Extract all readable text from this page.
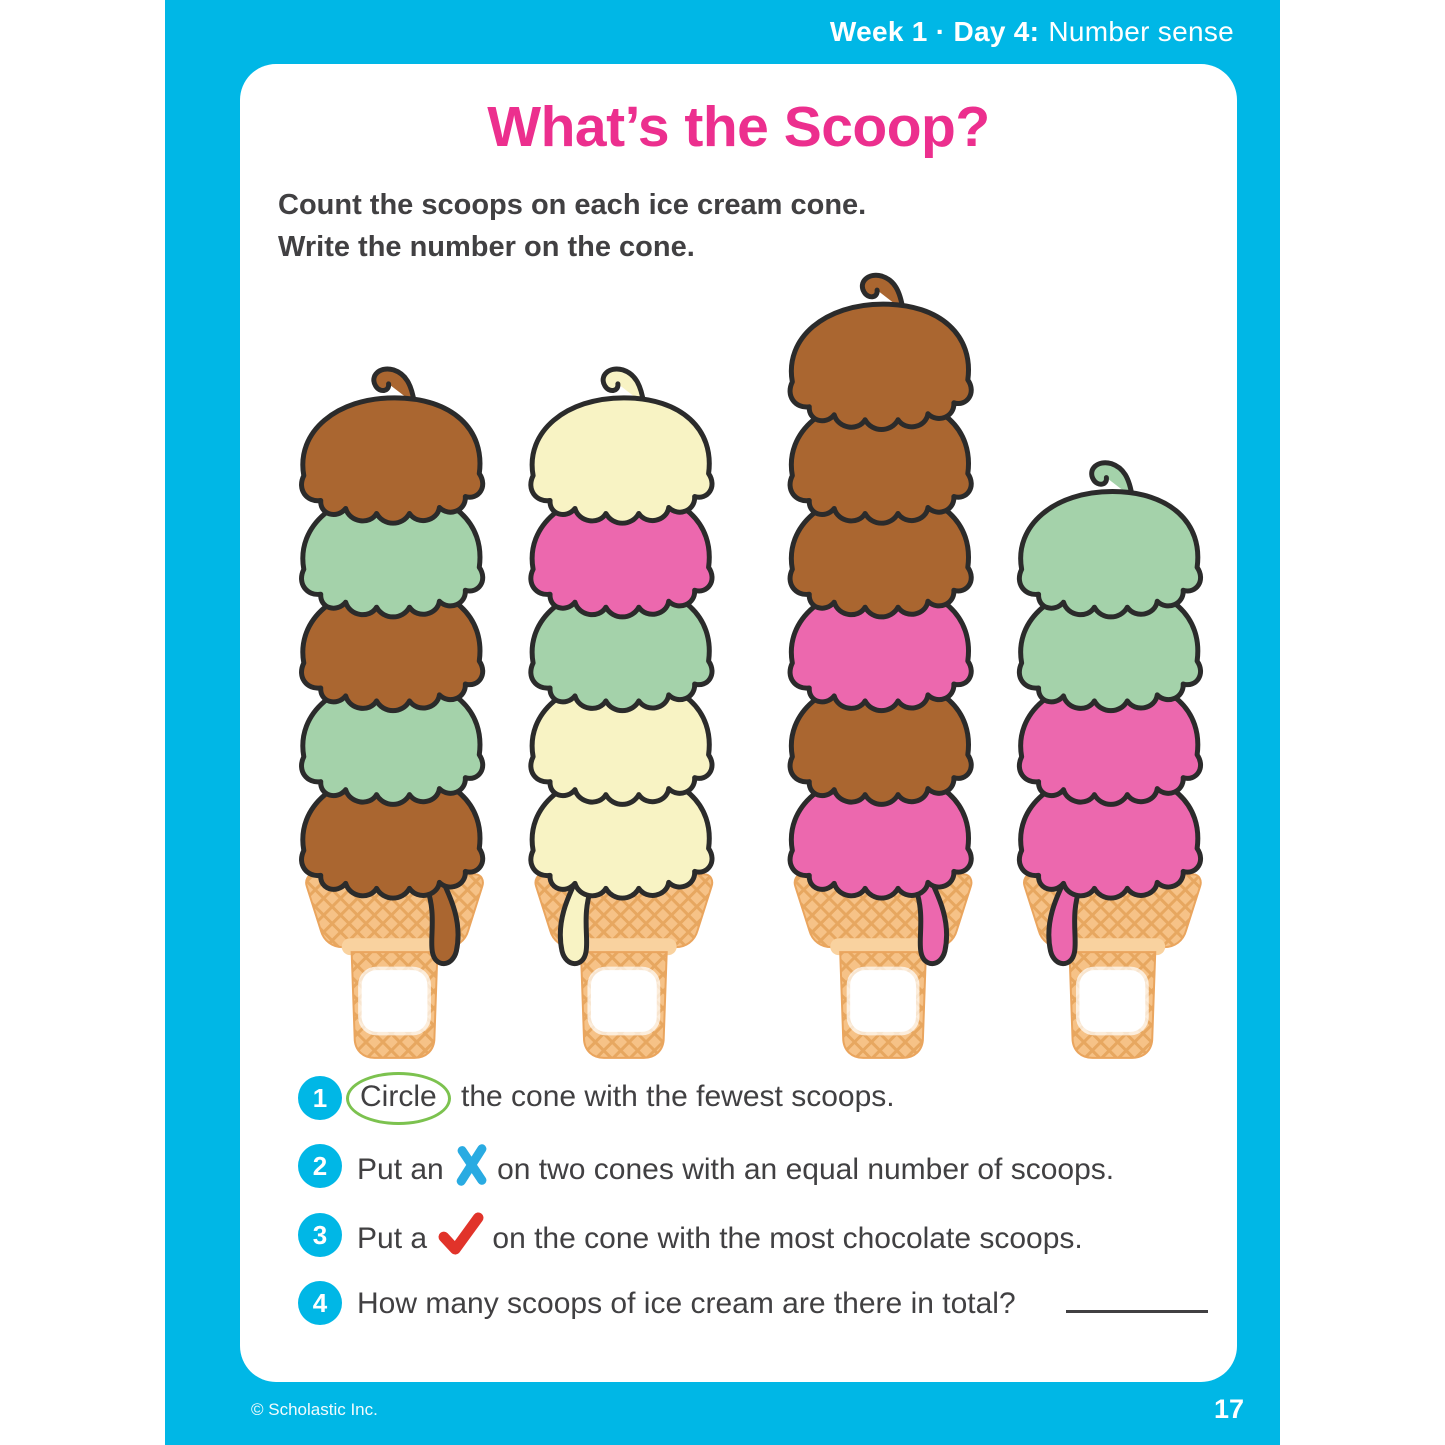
Week 1 · Day 4: Number sense
What’s the Scoop?
Count the scoops on each ice cream cone.
Write the number on the cone.
1	Circle the cone with the fewest scoops.
2 Put an on two cones with an equal number of scoops.
3 Put a on the cone with the most chocolate scoops.
4 How many scoops of ice cream are there in total?
© Scholastic Inc.	17
